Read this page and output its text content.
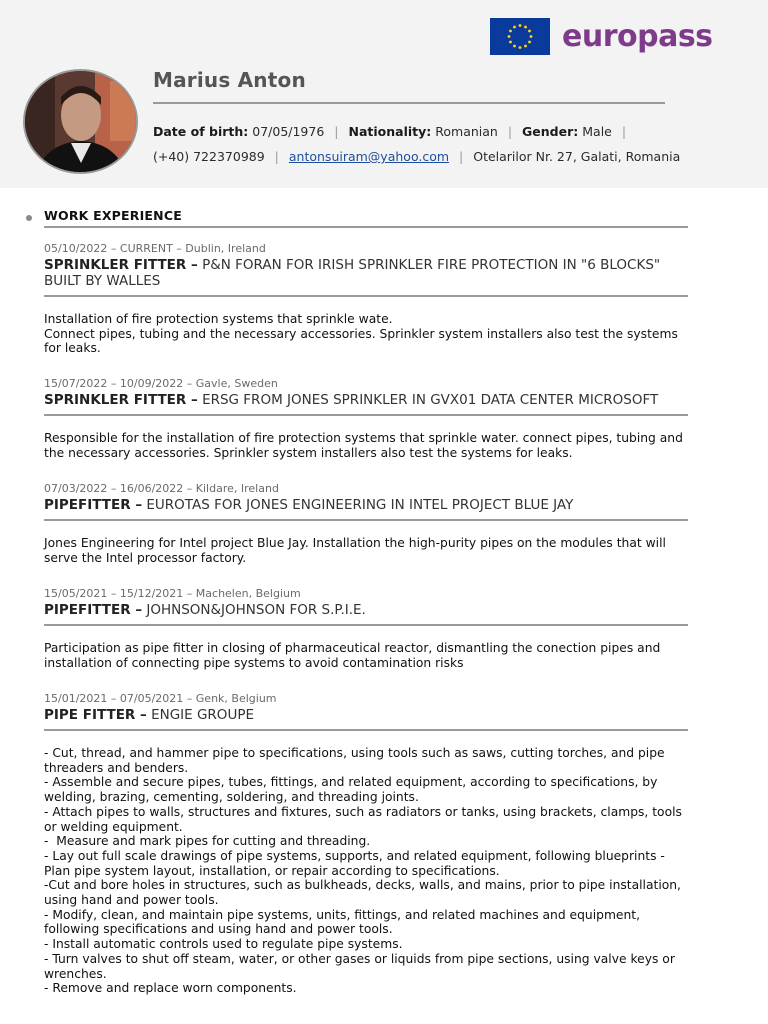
europass
Marius Anton
Date of birth: 07/05/1976 | Nationality: Romanian | Gender: Male |
(+40) 722370989 | antonsuiram@yahoo.com | Otelarilor Nr. 27, Galati, Romania
WORK EXPERIENCE
05/10/2022 – CURRENT – Dublin, Ireland
SPRINKLER FITTER – P&N FORAN FOR IRISH SPRINKLER FIRE PROTECTION IN "6 BLOCKS" BUILT BY WALLES
Installation of fire protection systems that sprinkle wate.
Connect pipes, tubing and the necessary accessories. Sprinkler system installers also test the systems for leaks.
15/07/2022 – 10/09/2022 – Gavle, Sweden
SPRINKLER FITTER – ERSG FROM JONES SPRINKLER IN GVX01 DATA CENTER MICROSOFT
Responsible for the installation of fire protection systems that sprinkle water. connect pipes, tubing and the necessary accessories. Sprinkler system installers also test the systems for leaks.
07/03/2022 – 16/06/2022 – Kildare, Ireland
PIPEFITTER – EUROTAS FOR JONES ENGINEERING IN INTEL PROJECT BLUE JAY
Jones Engineering for Intel project Blue Jay. Installation the high-purity pipes on the modules that will serve the Intel processor factory.
15/05/2021 – 15/12/2021 – Machelen, Belgium
PIPEFITTER – JOHNSON&JOHNSON FOR S.P.I.E.
Participation as pipe fitter in closing of pharmaceutical reactor, dismantling the conection pipes and installation of connecting pipe systems to avoid contamination risks
15/01/2021 – 07/05/2021 – Genk, Belgium
PIPE FITTER – ENGIE GROUPE
- Cut, thread, and hammer pipe to specifications, using tools such as saws, cutting torches, and pipe threaders and benders.
- Assemble and secure pipes, tubes, fittings, and related equipment, according to specifications, by welding, brazing, cementing, soldering, and threading joints.
- Attach pipes to walls, structures and fixtures, such as radiators or tanks, using brackets, clamps, tools or welding equipment.
-  Measure and mark pipes for cutting and threading.
- Lay out full scale drawings of pipe systems, supports, and related equipment, following blueprints - Plan pipe system layout, installation, or repair according to specifications.
-Cut and bore holes in structures, such as bulkheads, decks, walls, and mains, prior to pipe installation, using hand and power tools.
- Modify, clean, and maintain pipe systems, units, fittings, and related machines and equipment, following specifications and using hand and power tools.
- Install automatic controls used to regulate pipe systems.
- Turn valves to shut off steam, water, or other gases or liquids from pipe sections, using valve keys or wrenches.
- Remove and replace worn components.
